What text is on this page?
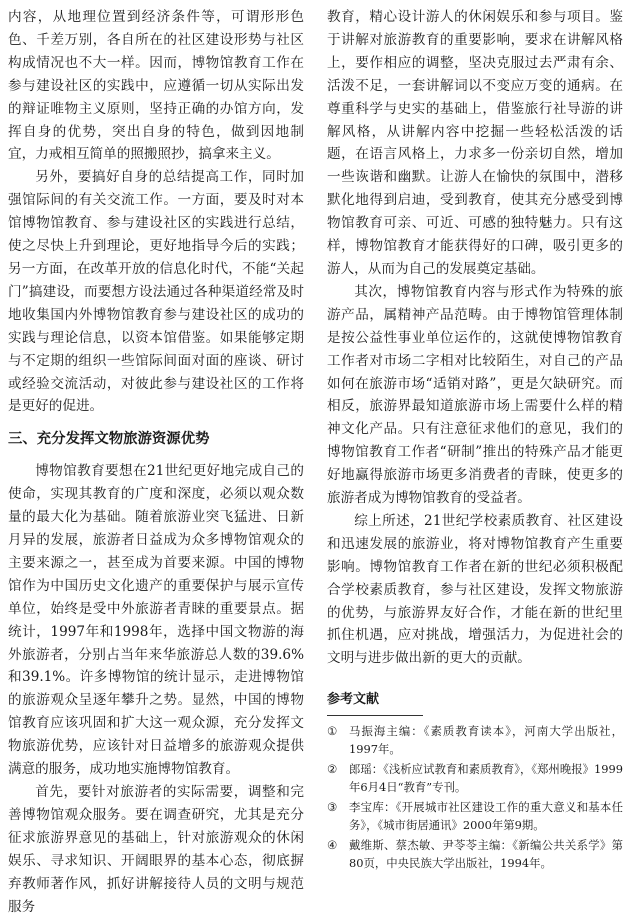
内容，从地理位置到经济条件等，可谓形形色色、千差万别，各自所在的社区建设形势与社区构成情况也不大一样。因而，博物馆教育工作在参与建设社区的实践中，应遵循一切从实际出发的辩证唯物主义原则，坚持正确的办馆方向，发挥自身的优势，突出自身的特色，做到因地制宜，力戒相互简单的照搬照抄，搞拿来主义。

另外，要搞好自身的总结提高工作，同时加强馆际间的有关交流工作。一方面，要及时对本馆博物馆教育、参与建设社区的实践进行总结，使之尽快上升到理论，更好地指导今后的实践；另一方面，在改革开放的信息化时代，不能“关起门”搞建设，而要想方设法通过各种渠道经常及时地收集国内外博物馆教育参与建设社区的成功的实践与理论信息，以资本馆借鉴。如果能够定期与不定期的组织一些馆际间面对面的座谈、研讨或经验交流活动，对彼此参与建设社区的工作将是更好的促进。

三、充分发挥文物旅游资源优势

博物馆教育要想在21世纪更好地完成自己的使命，实现其教育的广度和深度，必须以观众数量的最大化为基础。随着旅游业突飞猛进、日新月异的发展，旅游者日益成为众多博物馆观众的主要来源之一，甚至成为首要来源。中国的博物馆作为中国历史文化遗产的重要保护与展示宣传单位，始终是受中外旅游者青睐的重要景点。据统计，1997年和1998年，选择中国文物游的海外旅游者，分别占当年来华旅游总人数的39.6%和39.1%。许多博物馆的统计显示，走进博物馆的旅游观众呈逐年攀升之势。显然，中国的博物馆教育应该巩固和扩大这一观众源，充分发挥文物旅游优势，应该针对日益增多的旅游观众提供满意的服务，成功地实施博物馆教育。

首先，要针对旅游者的实际需要，调整和完善博物馆观众服务。要在调查研究，尤其是充分征求旅游界意见的基础上，针对旅游观众的休闲娱乐、寻求知识、开阔眼界的基本心态，彻底摒弃教师著作风，抓好讲解接待人员的文明与规范服务

教育，精心设计游人的休闲娱乐和参与项目。鉴于讲解对旅游教育的重要影响，要求在讲解风格上，要作相应的调整，坚决克服过去严肃有余、活泼不足，一套讲解词以不变应万变的通病。在尊重科学与史实的基础上，借鉴旅行社导游的讲解风格，从讲解内容中挖掘一些轻松活泼的话题，在语言风格上，力求多一份亲切自然，增加一些诙谐和幽默。让游人在愉快的氛围中，潜移默化地得到启迪，受到教育，使其充分感受到博物馆教育可亲、可近、可感的独特魅力。只有这样，博物馆教育才能获得好的口碑，吸引更多的游人，从而为自己的发展奠定基础。

其次，博物馆教育内容与形式作为特殊的旅游产品，属精神产品范畴。由于博物馆管理体制是按公益性事业单位运作的，这就使博物馆教育工作者对市场二字相对比较陌生，对自己的产品如何在旅游市场“适销对路”，更是欠缺研究。而相反，旅游界最知道旅游市场上需要什么样的精神文化产品。只有注意征求他们的意见，我们的博物馆教育工作者“研制”推出的特殊产品才能更好地赢得旅游市场更多消费者的青睐，使更多的旅游者成为博物馆教育的受益者。

综上所述，21世纪学校素质教育、社区建设和迅速发展的旅游业，将对博物馆教育产生重要影响。博物馆教育工作者在新的世纪必须积极配合学校素质教育，参与社区建设，发挥文物旅游的优势，与旅游界友好合作，才能在新的世纪里抓住机遇，应对挑战，增强活力，为促进社会的文明与进步做出新的更大的贡献。

参考文献
①	马振海主编：《素质教育读本》，河南大学出版社，1997年。
②	郎瑶：《浅析应试教育和素质教育》，《郑州晚报》1999年6月4日“教育”专刊。
③	李宝库：《开展城市社区建设工作的重大意义和基本任务》，《城市街居通讯》2000年第9期。
④	戴维斯、蔡杰敏、尹苓苓主编：《新编公共关系学》第80页，中央民族大学出版社，1994年。
